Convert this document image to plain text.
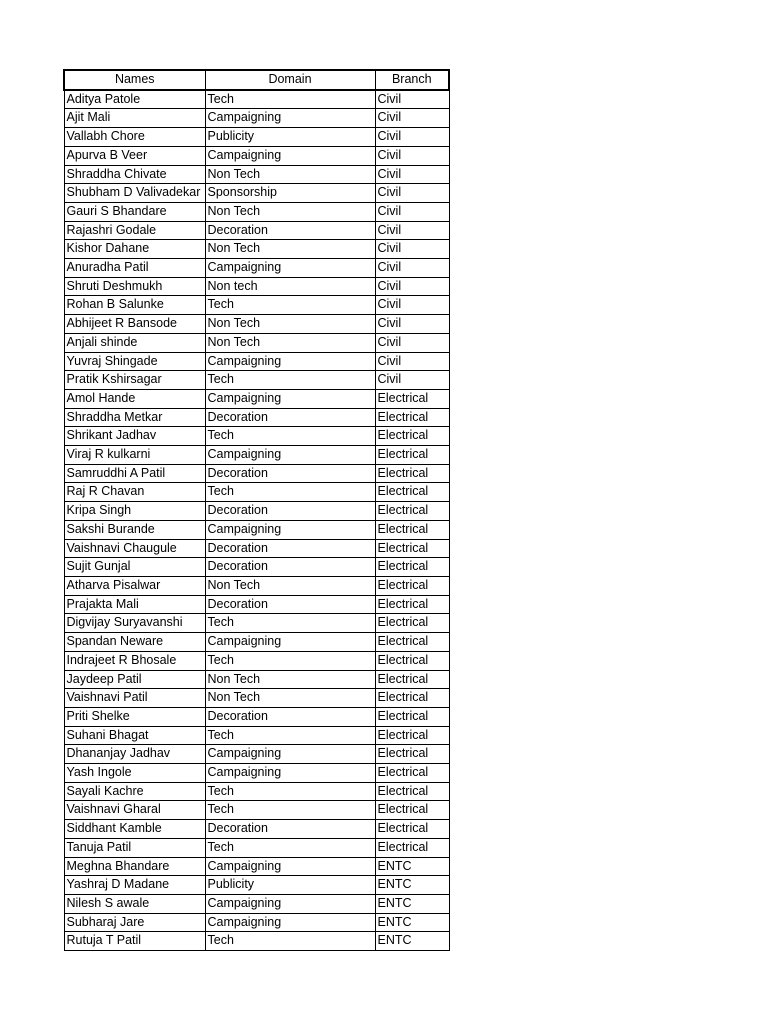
Names	Domain	Branch
Aditya Patole	Tech	Civil
Ajit Mali	Campaigning	Civil
Vallabh Chore	Publicity	Civil
Apurva B Veer	Campaigning	Civil
Shraddha Chivate	Non Tech	Civil
Shubham D Valivadekar	Sponsorship	Civil
Gauri S Bhandare	Non Tech	Civil
Rajashri Godale	Decoration	Civil
Kishor Dahane	Non Tech	Civil
Anuradha Patil	Campaigning	Civil
Shruti Deshmukh	Non tech	Civil
Rohan B Salunke	Tech	Civil
Abhijeet R Bansode	Non Tech	Civil
Anjali shinde	Non Tech	Civil
Yuvraj Shingade	Campaigning	Civil
Pratik Kshirsagar	Tech	Civil
Amol Hande	Campaigning	Electrical
Shraddha Metkar	Decoration	Electrical
Shrikant Jadhav	Tech	Electrical
Viraj R kulkarni	Campaigning	Electrical
Samruddhi A Patil	Decoration	Electrical
Raj R Chavan	Tech	Electrical
Kripa Singh	Decoration	Electrical
Sakshi Burande	Campaigning	Electrical
Vaishnavi Chaugule	Decoration	Electrical
Sujit Gunjal	Decoration	Electrical
Atharva Pisalwar	Non Tech	Electrical
Prajakta Mali	Decoration	Electrical
Digvijay Suryavanshi	Tech	Electrical
Spandan Neware	Campaigning	Electrical
Indrajeet R Bhosale	Tech	Electrical
Jaydeep Patil	Non Tech	Electrical
Vaishnavi Patil	Non Tech	Electrical
Priti Shelke	Decoration	Electrical
Suhani Bhagat	Tech	Electrical
Dhananjay Jadhav	Campaigning	Electrical
Yash Ingole	Campaigning	Electrical
Sayali Kachre	Tech	Electrical
Vaishnavi Gharal	Tech	Electrical
Siddhant Kamble	Decoration	Electrical
Tanuja Patil	Tech	Electrical
Meghna Bhandare	Campaigning	ENTC
Yashraj D Madane	Publicity	ENTC
Nilesh S awale	Campaigning	ENTC
Subharaj Jare	Campaigning	ENTC
Rutuja T Patil	Tech	ENTC
